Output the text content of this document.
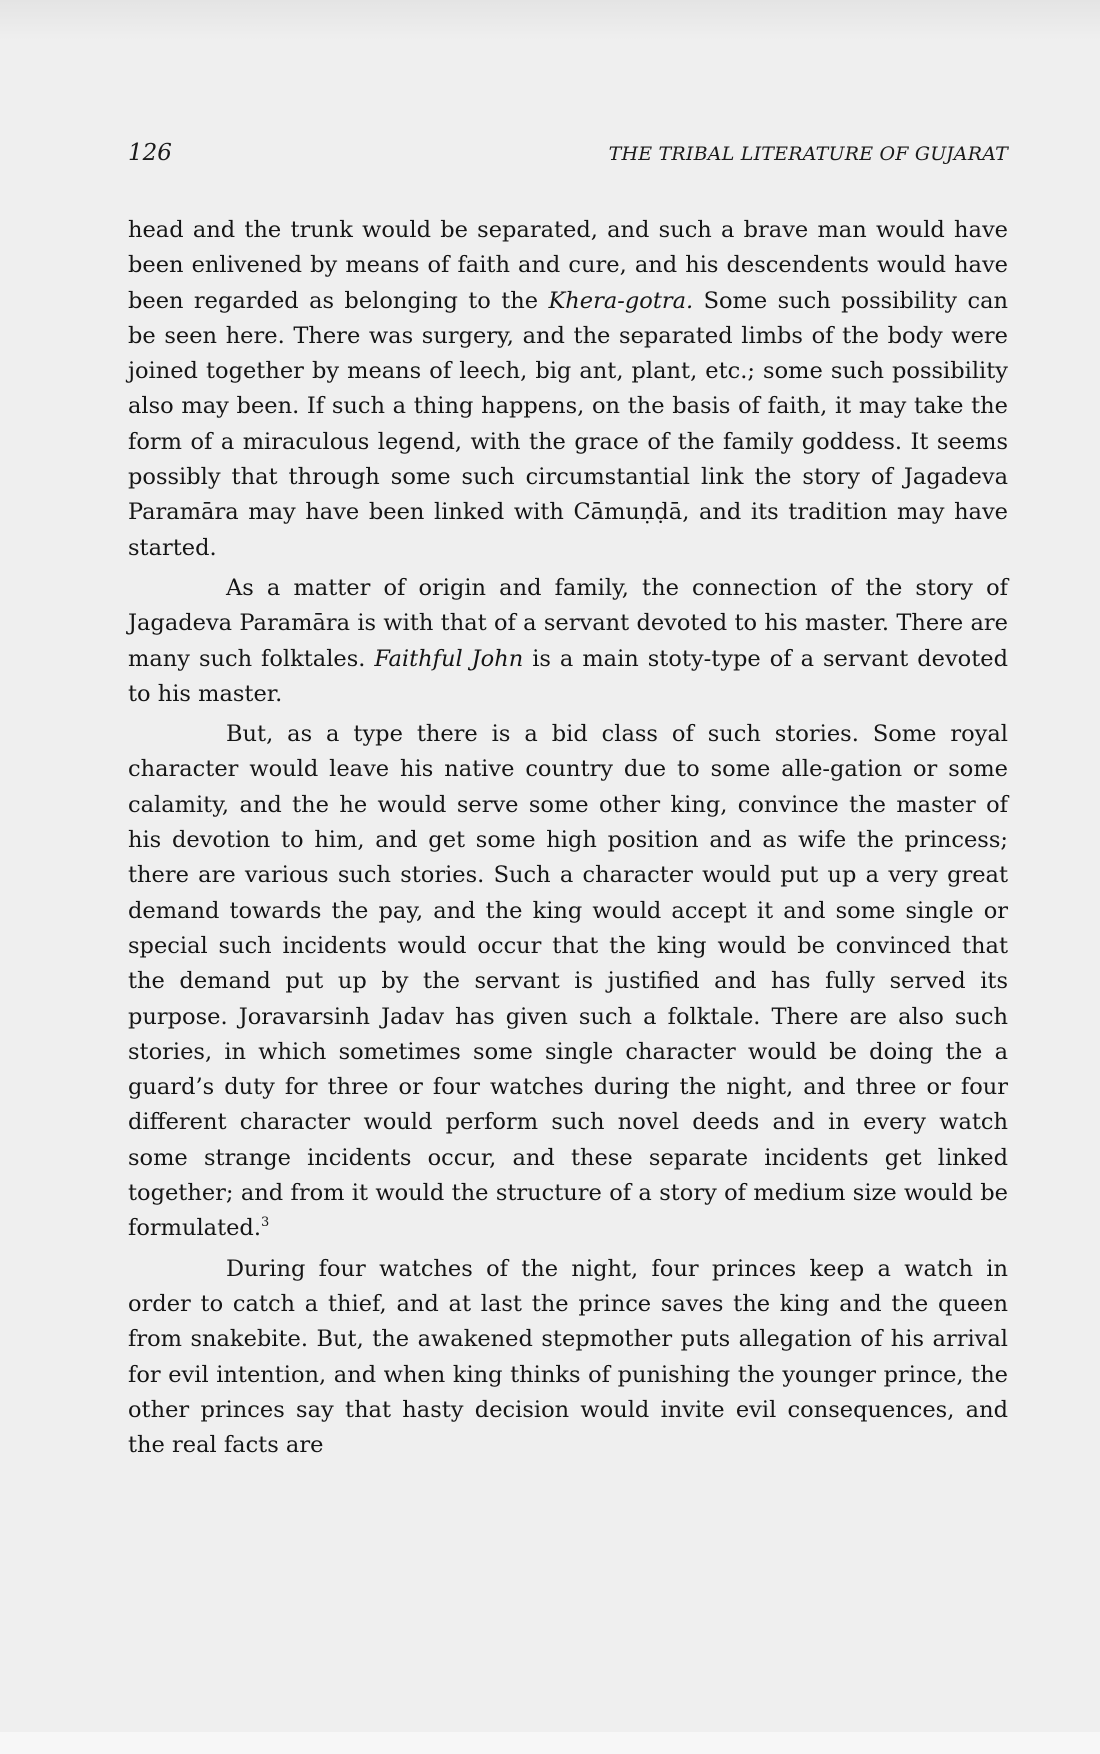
126	THE TRIBAL LITERATURE OF GUJARAT

head and the trunk would be separated, and such a brave man would have been enlivened by means of faith and cure, and his descendents would have been regarded as belonging to the Khera-gotra. Some such possibility can be seen here. There was surgery, and the separated limbs of the body were joined together by means of leech, big ant, plant, etc.; some such possibility also may been. If such a thing happens, on the basis of faith, it may take the form of a miraculous legend, with the grace of the family goddess. It seems possibly that through some such circumstantial link the story of Jagadeva Paramāra may have been linked with Cāmuṇḍā, and its tradition may have started.

As a matter of origin and family, the connection of the story of Jagadeva Paramāra is with that of a servant devoted to his master. There are many such folktales. Faithful John is a main stoty-type of a servant devoted to his master.

But, as a type there is a bid class of such stories. Some royal character would leave his native country due to some alle-gation or some calamity, and the he would serve some other king, convince the master of his devotion to him, and get some high position and as wife the princess; there are various such stories. Such a character would put up a very great demand towards the pay, and the king would accept it and some single or special such incidents would occur that the king would be convinced that the demand put up by the servant is justified and has fully served its purpose. Joravarsinh Jadav has given such a folktale. There are also such stories, in which sometimes some single character would be doing the a guard’s duty for three or four watches during the night, and three or four different character would perform such novel deeds and in every watch some strange incidents occur, and these separate incidents get linked together; and from it would the structure of a story of medium size would be formulated.$^3$

During four watches of the night, four princes keep a watch in order to catch a thief, and at last the prince saves the king and the queen from snakebite. But, the awakened stepmother puts allegation of his arrival for evil intention, and when king thinks of punishing the younger prince, the other princes say that hasty decision would invite evil consequences, and the real facts are
